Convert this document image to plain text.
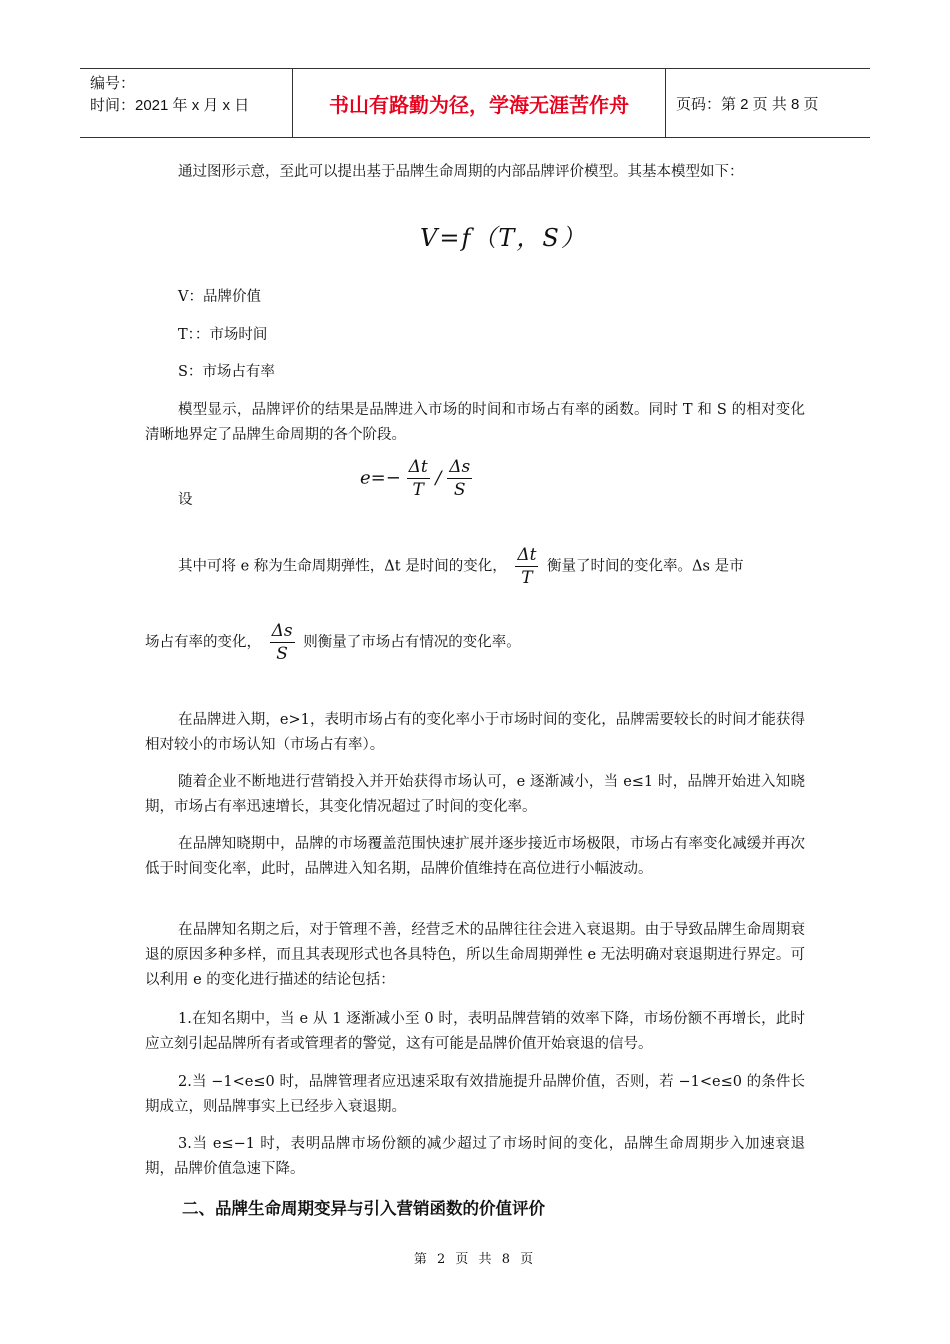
编号：
时间：2021 年 x 月 x 日	书山有路勤为径，学海无涯苦作舟	页码：第 2 页 共 8 页
通过图形示意，至此可以提出基于品牌生命周期的内部品牌评价模型。其基本模型如下：
V=f（T，S）
V：品牌价值
T：：市场时间
S：市场占有率
模型显示，品牌评价的结果是品牌进入市场的时间和市场占有率的函数。同时 T 和 S 的相对变化清晰地界定了品牌生命周期的各个阶段。
$e=- \frac{\Delta t}{T} / \frac{\Delta s}{S}$
设
其中可将 e 称为生命周期弹性，Δt 是时间的变化， $\frac{\Delta t}{T}$ 衡量了时间的变化率。Δs 是市
场占有率的变化， $\frac{\Delta s}{S}$ 则衡量了市场占有情况的变化率。
在品牌进入期，e>1，表明市场占有的变化率小于市场时间的变化，品牌需要较长的时间才能获得相对较小的市场认知（市场占有率）。
随着企业不断地进行营销投入并开始获得市场认可，e 逐渐减小，当 e≤1 时，品牌开始进入知晓期，市场占有率迅速增长，其变化情况超过了时间的变化率。
在品牌知晓期中，品牌的市场覆盖范围快速扩展并逐步接近市场极限，市场占有率变化减缓并再次低于时间变化率，此时，品牌进入知名期，品牌价值维持在高位进行小幅波动。
在品牌知名期之后，对于管理不善，经营乏术的品牌往往会进入衰退期。由于导致品牌生命周期衰退的原因多种多样，而且其表现形式也各具特色，所以生命周期弹性 e 无法明确对衰退期进行界定。可以利用 e 的变化进行描述的结论包括：
1.在知名期中，当 e 从 1 逐渐减小至 0 时，表明品牌营销的效率下降，市场份额不再增长，此时应立刻引起品牌所有者或管理者的警觉，这有可能是品牌价值开始衰退的信号。
2.当 −1<e≤0 时，品牌管理者应迅速采取有效措施提升品牌价值，否则，若 −1<e≤0 的条件长期成立，则品牌事实上已经步入衰退期。
3.当 e≤−1 时，表明品牌市场份额的减少超过了市场时间的变化，品牌生命周期步入加速衰退期，品牌价值急速下降。
二、品牌生命周期变异与引入营销函数的价值评价
第 2 页 共 8 页
